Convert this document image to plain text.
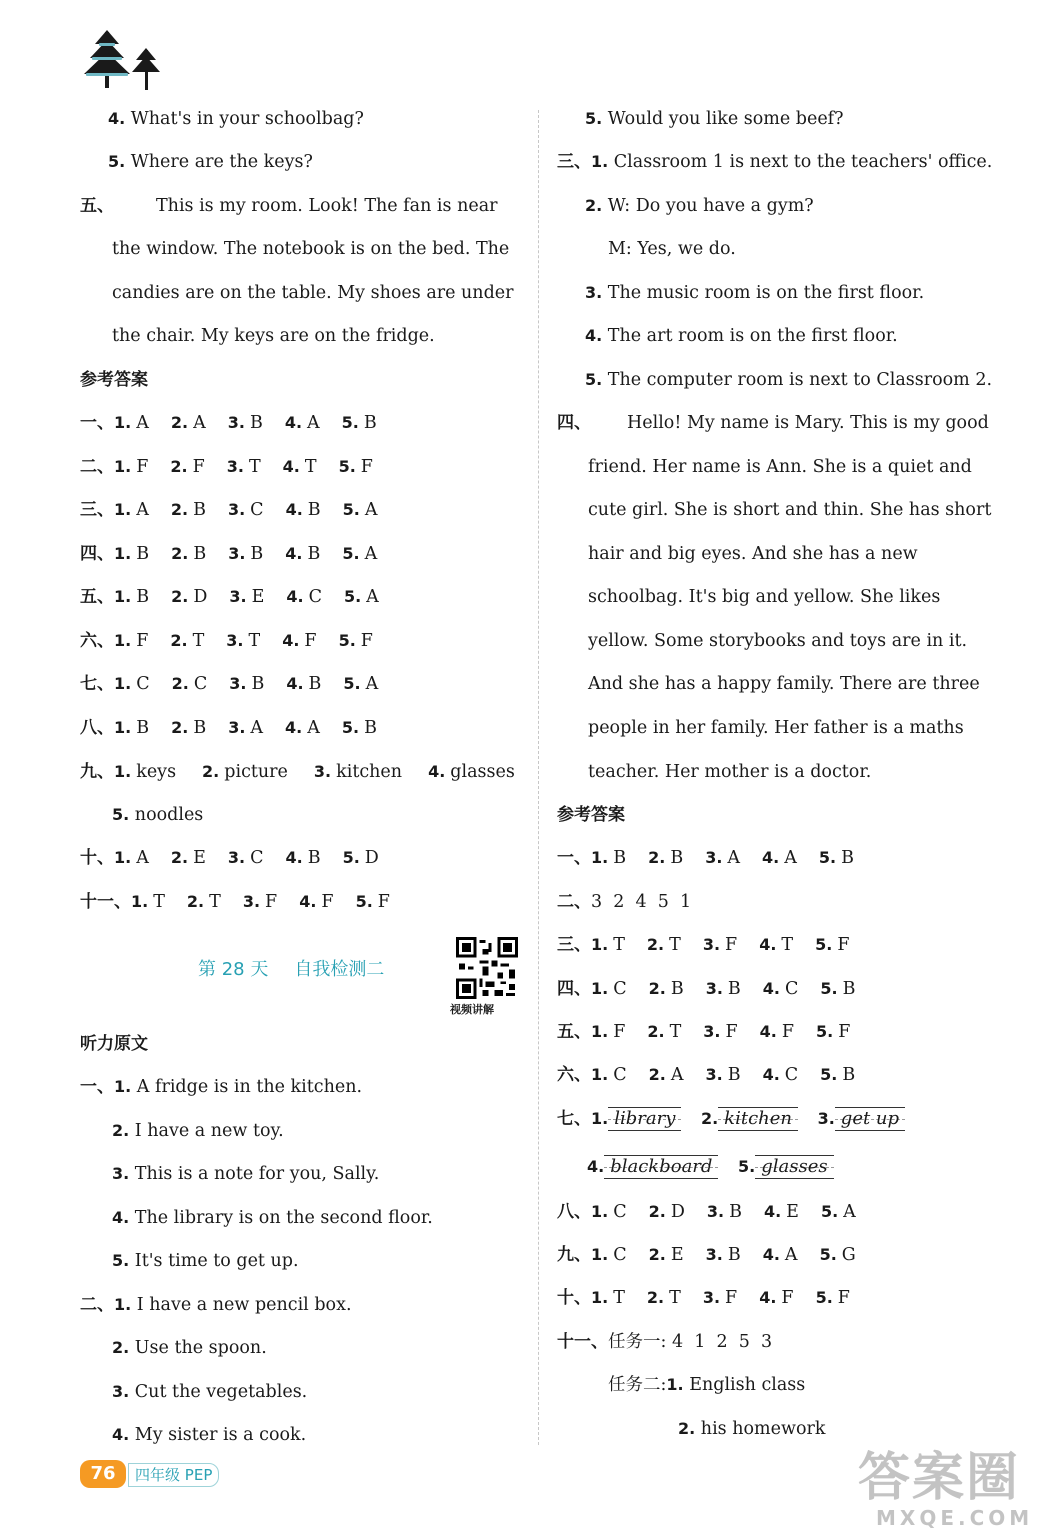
4. What's in your schoolbag?
5. Where are the keys?
五、 This is my room. Look! The fan is near
the window. The notebook is on the bed. The
candies are on the table. My shoes are under
the chair. My keys are on the fridge.
参考答案
一、1. A 2. A 3. B 4. A 5. B
二、1. F 2. F 3. T 4. T 5. F
三、1. A 2. B 3. C 4. B 5. A
四、1. B 2. B 3. B 4. B 5. A
五、1. B 2. D 3. E 4. C 5. A
六、1. F 2. T 3. T 4. F 5. F
七、1. C 2. C 3. B 4. B 5. A
八、1. B 2. B 3. A 4. A 5. B
九、1. keys 2. picture 3. kitchen 4. glasses
5. noodles
十、1. A 2. E 3. C 4. B 5. D
十一、1. T 2. T 3. F 4. F 5. F
第 28 天 自我检测二
视频讲解
听力原文
一、1. A fridge is in the kitchen.
2. I have a new toy.
3. This is a note for you, Sally.
4. The library is on the second floor.
5. It's time to get up.
二、1. I have a new pencil box.
2. Use the spoon.
3. Cut the vegetables.
4. My sister is a cook.
5. Would you like some beef?
三、1. Classroom 1 is next to the teachers' office.
2. W: Do you have a gym?
M: Yes, we do.
3. The music room is on the first floor.
4. The art room is on the first floor.
5. The computer room is next to Classroom 2.
四、 Hello! My name is Mary. This is my good
friend. Her name is Ann. She is a quiet and
cute girl. She is short and thin. She has short
hair and big eyes. And she has a new
schoolbag. It's big and yellow. She likes
yellow. Some storybooks and toys are in it.
And she has a happy family. There are three
people in her family. Her father is a maths
teacher. Her mother is a doctor.
参考答案
一、1. B 2. B 3. A 4. A 5. B
二、3  2  4  5  1
三、1. T 2. T 3. F 4. T 5. F
四、1. C 2. B 3. B 4. C 5. B
五、1. F 2. T 3. F 4. F 5. F
六、1. C 2. A 3. B 4. C 5. B
七、1. library 2. kitchen 3. get up
4. blackboard 5. glasses
八、1. C 2. D 3. B 4. E 5. A
九、1. C 2. E 3. B 4. A 5. G
十、1. T 2. T 3. F 4. F 5. F
十一、任务一: 4  1  2  5  3
任务二:1. English class
2. his homework
76	四年级 PEP	答案圈
MXQE.COM
